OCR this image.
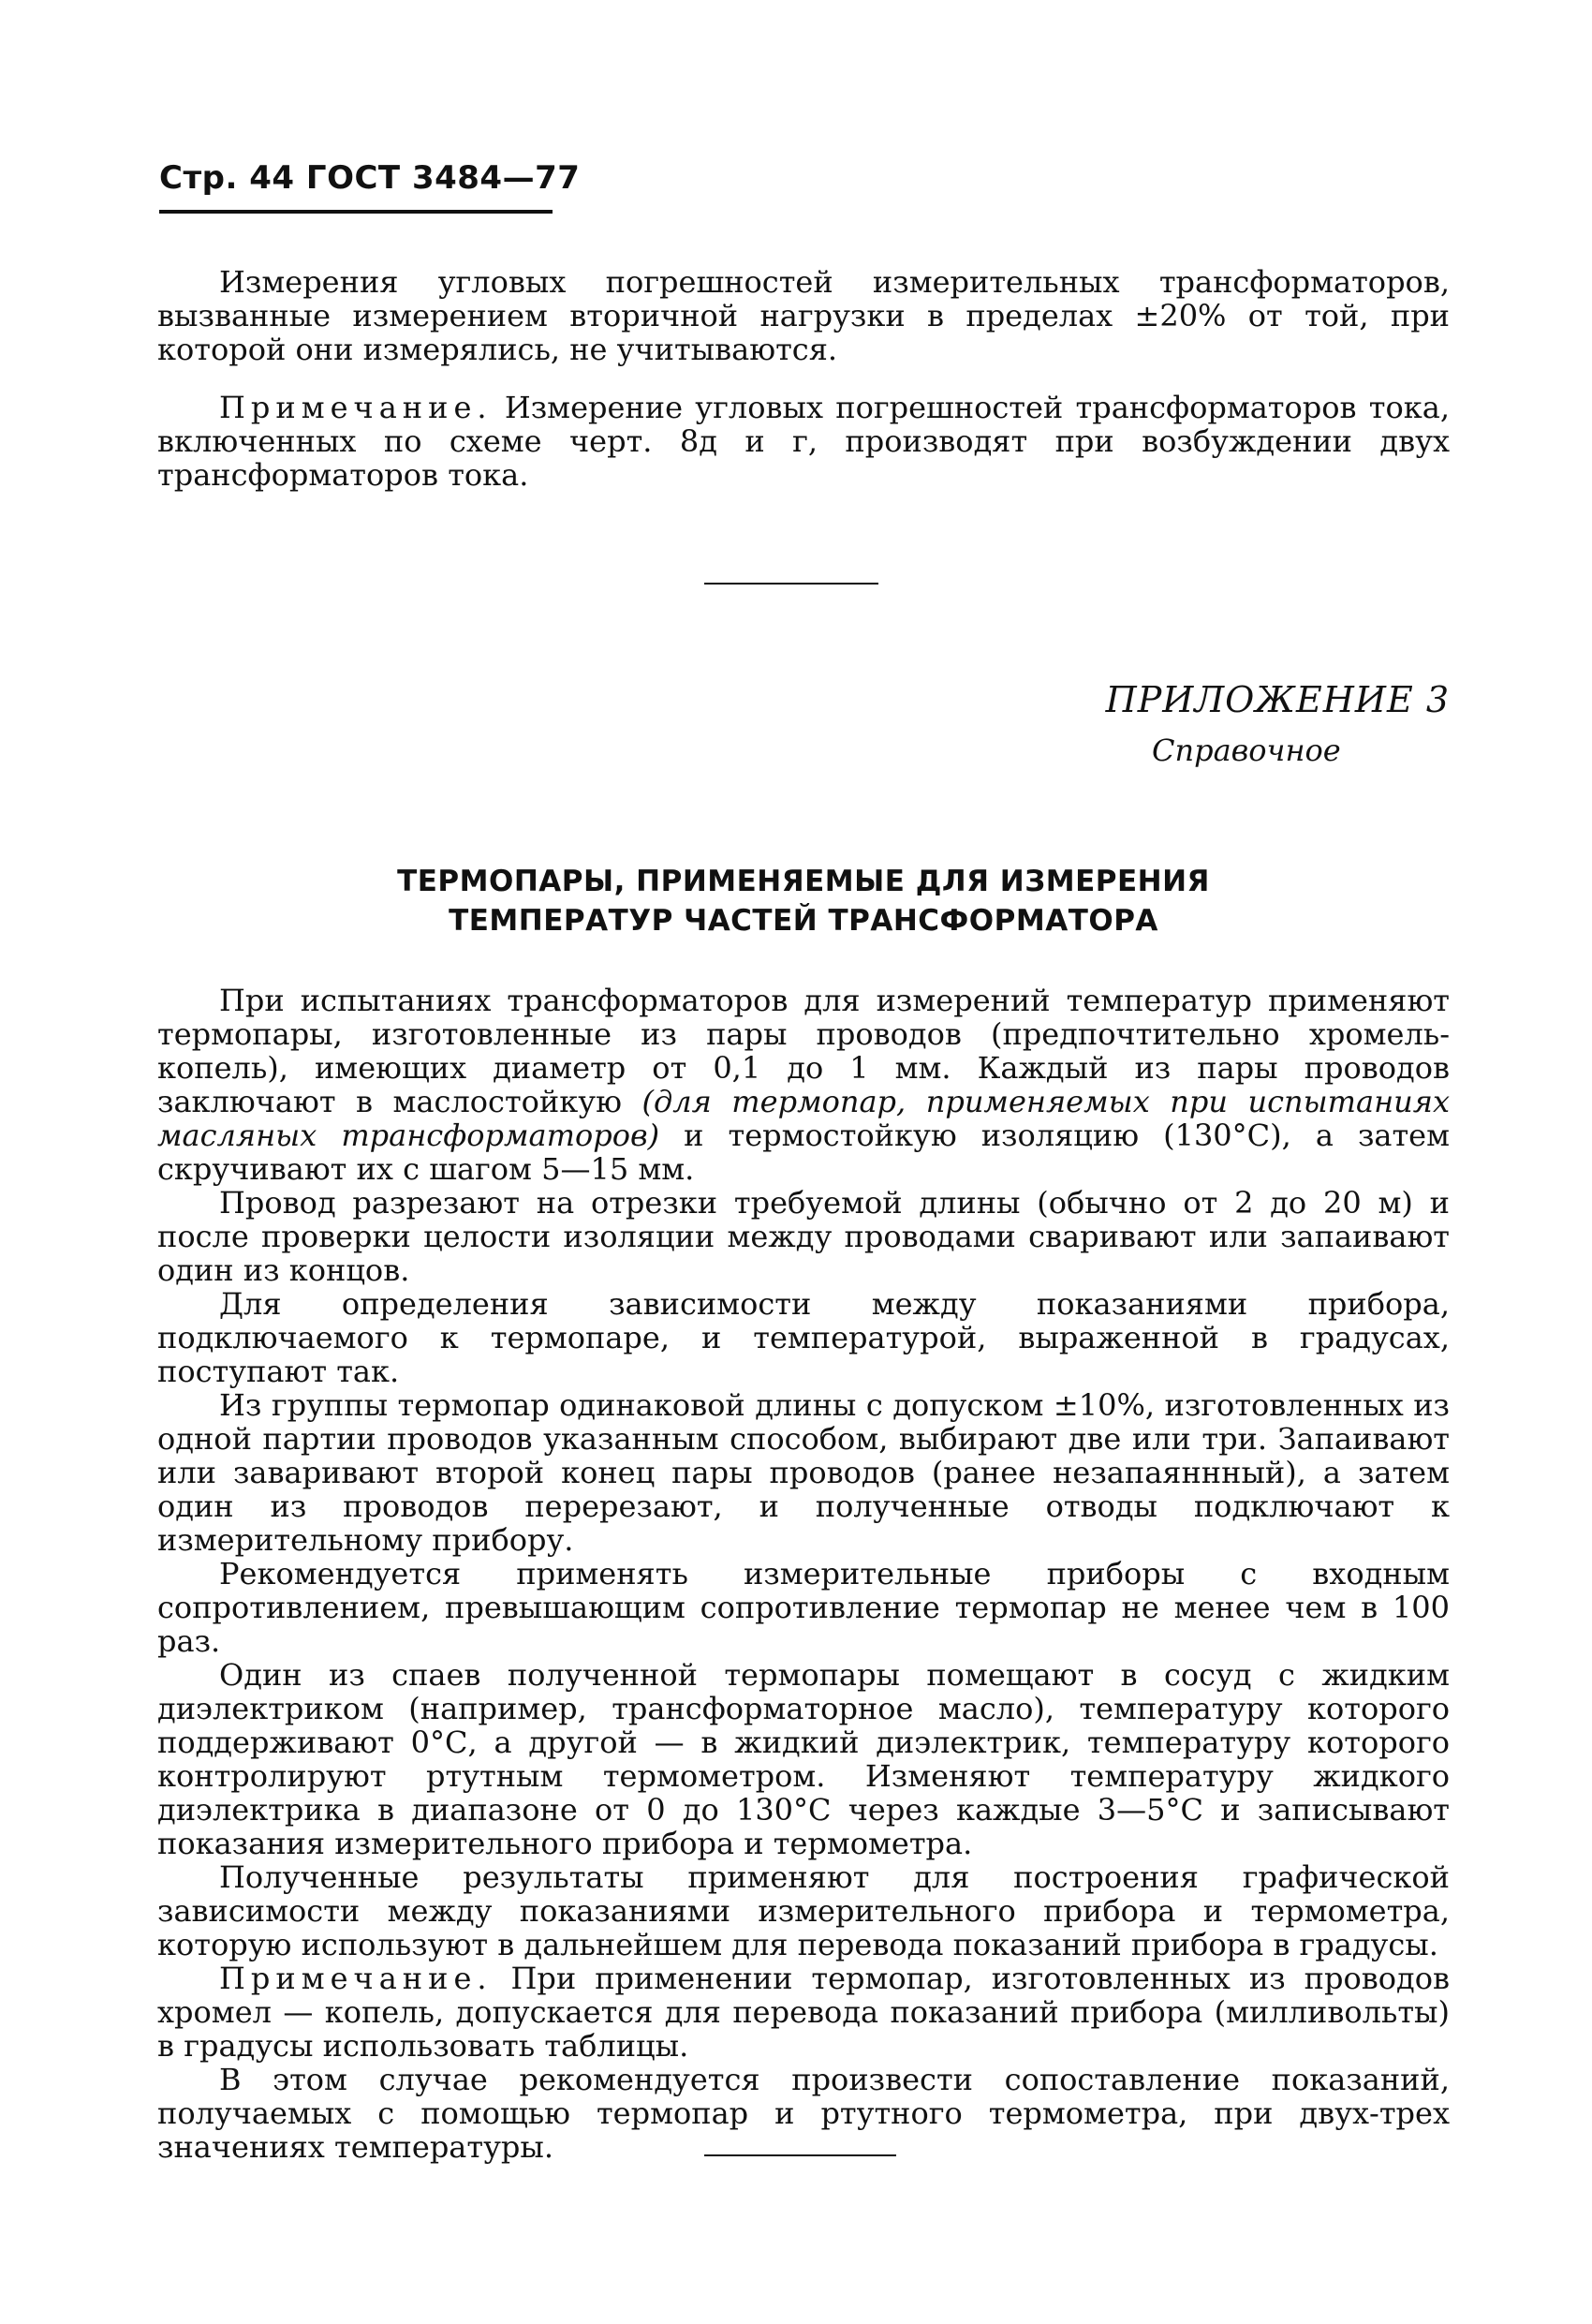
Стр. 44 ГОСТ 3484—77

Измерения угловых погрешностей измерительных трансформаторов, вызванные измерением вторичной нагрузки в пределах ±20% от той, при которой они измерялись, не учитываются.

Примечание. Измерение угловых погрешностей трансформаторов тока, включенных по схеме черт. 8д и г, производят при возбуждении двух трансформаторов тока.

ПРИЛОЖЕНИЕ 3
Справочное
ТЕРМОПАРЫ, ПРИМЕНЯЕМЫЕ ДЛЯ ИЗМЕРЕНИЯ
ТЕМПЕРАТУР ЧАСТЕЙ ТРАНСФОРМАТОРА

При испытаниях трансформаторов для измерений температур применяют термопары, изготовленные из пары проводов (предпочтительно хромель-копель), имеющих диаметр от 0,1 до 1 мм. Каждый из пары проводов заключают в маслостойкую (для термопар, применяемых при испытаниях масляных трансформаторов) и термостойкую изоляцию (130°С), а затем скручивают их с шагом 5—15 мм.

Провод разрезают на отрезки требуемой длины (обычно от 2 до 20 м) и после проверки целости изоляции между проводами сваривают или запаивают один из концов.

Для определения зависимости между показаниями прибора, подключаемого к термопаре, и температурой, выраженной в градусах, поступают так.

Из группы термопар одинаковой длины с допуском ±10%, изготовленных из одной партии проводов указанным способом, выбирают две или три. Запаивают или заваривают второй конец пары проводов (ранее незапаяннный), а затем один из проводов перерезают, и полученные отводы подключают к измерительному прибору.

Рекомендуется применять измерительные приборы с входным сопротивлением, превышающим сопротивление термопар не менее чем в 100 раз.

Один из спаев полученной термопары помещают в сосуд с жидким диэлектриком (например, трансформаторное масло), температуру которого поддерживают 0°С, а другой — в жидкий диэлектрик, температуру которого контролируют ртутным термометром. Изменяют температуру жидкого диэлектрика в диапазоне от 0 до 130°С через каждые 3—5°С и записывают показания измерительного прибора и термометра.

Полученные результаты применяют для построения графической зависимости между показаниями измерительного прибора и термометра, которую используют в дальнейшем для перевода показаний прибора в градусы.

Примечание. При применении термопар, изготовленных из проводов хромел — копель, допускается для перевода показаний прибора (милливольты) в градусы использовать таблицы.

В этом случае рекомендуется произвести сопоставление показаний, получаемых с помощью термопар и ртутного термометра, при двух-трех значениях температуры.
